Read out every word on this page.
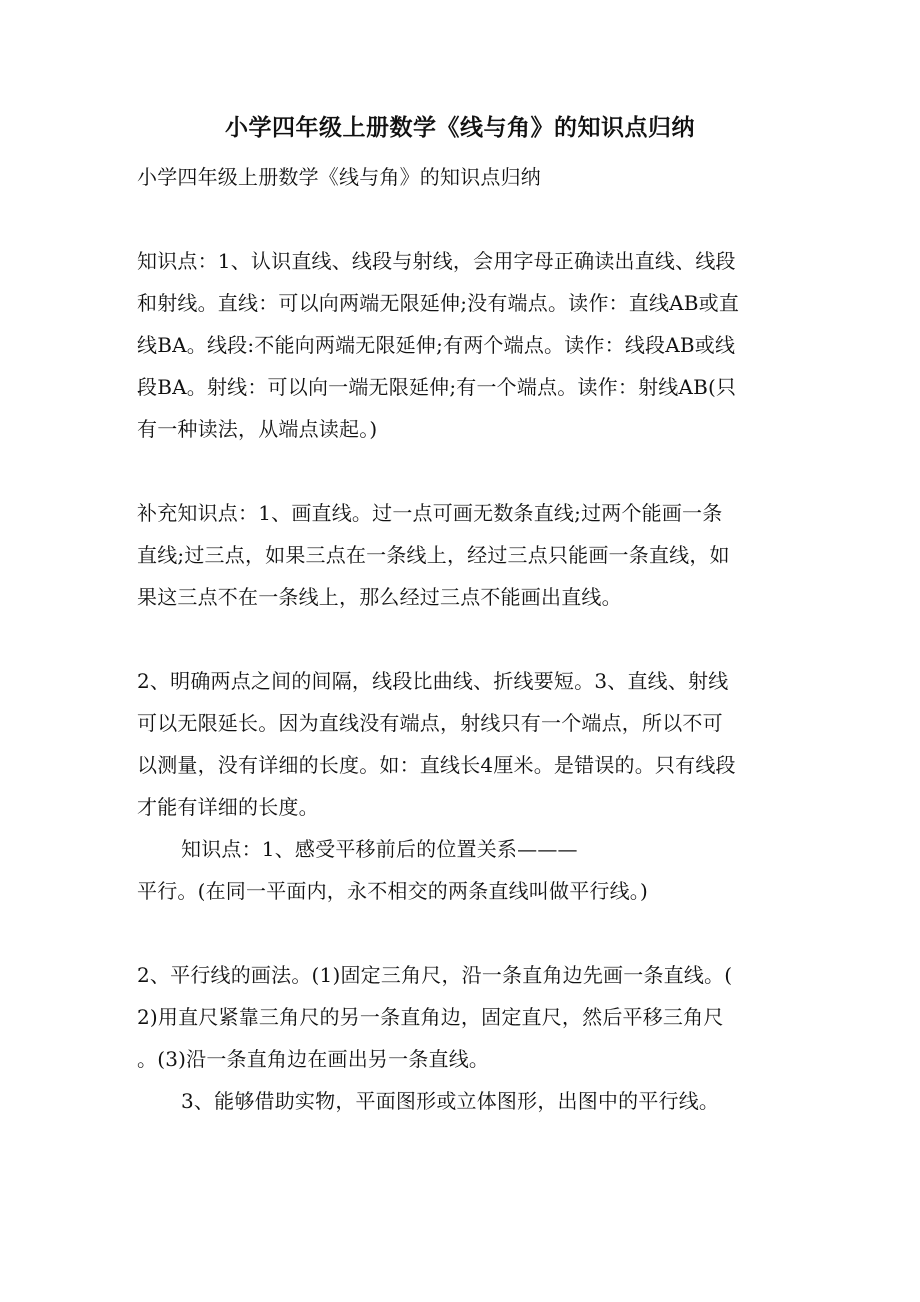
小学四年级上册数学《线与角》的知识点归纳
小学四年级上册数学《线与角》的知识点归纳
知识点：1、认识直线、线段与射线，会用字母正确读出直线、线段
和射线。直线：可以向两端无限延伸;没有端点。读作：直线AB或直
线BA。线段:不能向两端无限延伸;有两个端点。读作：线段AB或线
段BA。射线：可以向一端无限延伸;有一个端点。读作：射线AB(只
有一种读法，从端点读起。)
补充知识点：1、画直线。过一点可画无数条直线;过两个能画一条
直线;过三点，如果三点在一条线上，经过三点只能画一条直线，如
果这三点不在一条线上，那么经过三点不能画出直线。
2、明确两点之间的间隔，线段比曲线、折线要短。3、直线、射线
可以无限延长。因为直线没有端点，射线只有一个端点，所以不可
以测量，没有详细的长度。如：直线长4厘米。是错误的。只有线段
才能有详细的长度。
知识点：1、感受平移前后的位置关系———
平行。(在同一平面内，永不相交的两条直线叫做平行线。)
2、平行线的画法。(1)固定三角尺，沿一条直角边先画一条直线。(
2)用直尺紧靠三角尺的另一条直角边，固定直尺，然后平移三角尺
。(3)沿一条直角边在画出另一条直线。
3、能够借助实物，平面图形或立体图形，出图中的平行线。
